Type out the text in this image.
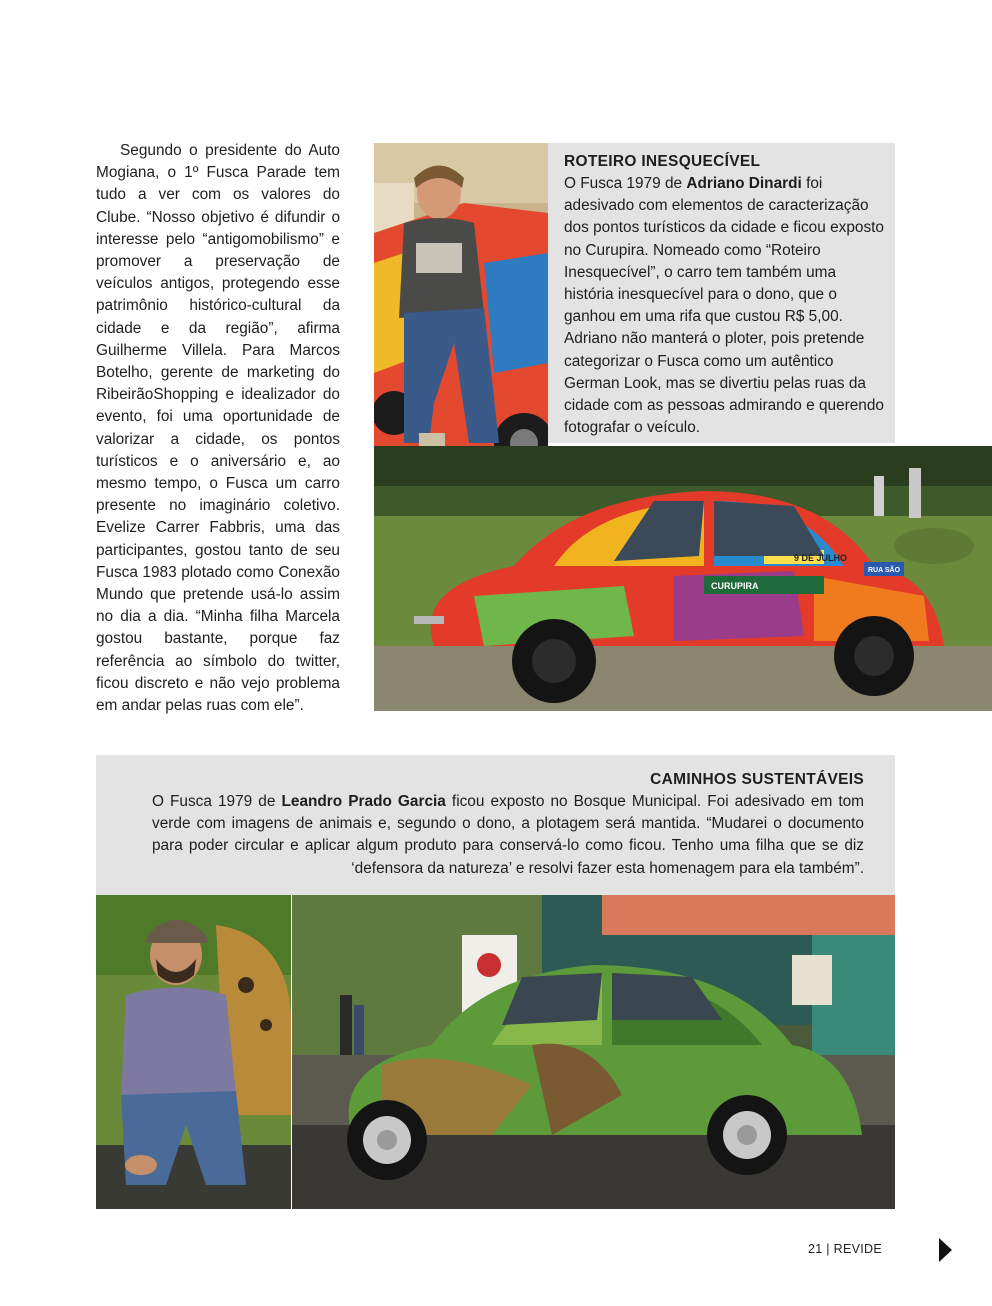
Segundo o presidente do Auto Mogiana, o 1º Fusca Parade tem tudo a ver com os valores do Clube. “Nosso objetivo é difundir o interesse pelo “antigomobilismo” e promover a preservação de veículos antigos, protegendo esse patrimônio histórico-cultural da cidade e da região”, afirma Guilherme Villela. Para Marcos Botelho, gerente de marketing do RibeirãoShopping e idealizador do evento, foi uma oportunidade de valorizar a cidade, os pontos turísticos e o aniversário e, ao mesmo tempo, o Fusca um carro presente no imaginário coletivo. Evelize Carrer Fabbris, uma das participantes, gostou tanto de seu Fusca 1983 plotado como Conexão Mundo que pretende usá-lo assim no dia a dia. “Minha filha Marcela gostou bastante, porque faz referência ao símbolo do twitter, ficou discreto e não vejo problema em andar pelas ruas com ele”.

ROTEIRO INESQUECÍVEL

O Fusca 1979 de Adriano Dinardi foi adesivado com elementos de caracterização dos pontos turísticos da cidade e ficou exposto no Curupira. Nomeado como “Roteiro Inesquecível”, o carro tem também uma história inesquecível para o dono, que o ganhou em uma rifa que custou R$ 5,00. Adriano não manterá o ploter, pois pretende categorizar o Fusca como um autêntico German Look, mas se divertiu pelas ruas da cidade com as pessoas admirando e querendo fotografar o veículo.

9 DE JULHO
CURUPIRA
RUA SÃO
CAMINHOS SUSTENTÁVEIS

O Fusca 1979 de Leandro Prado Garcia ficou exposto no Bosque Municipal. Foi adesivado em tom verde com imagens de animais e, segundo o dono, a plotagem será mantida. “Mudarei o documento para poder circular e aplicar algum produto para conservá-lo como ficou. Tenho uma filha que se diz ‘defensora da natureza’ e resolvi fazer esta homenagem para ela também”.

21 | REVIDE
